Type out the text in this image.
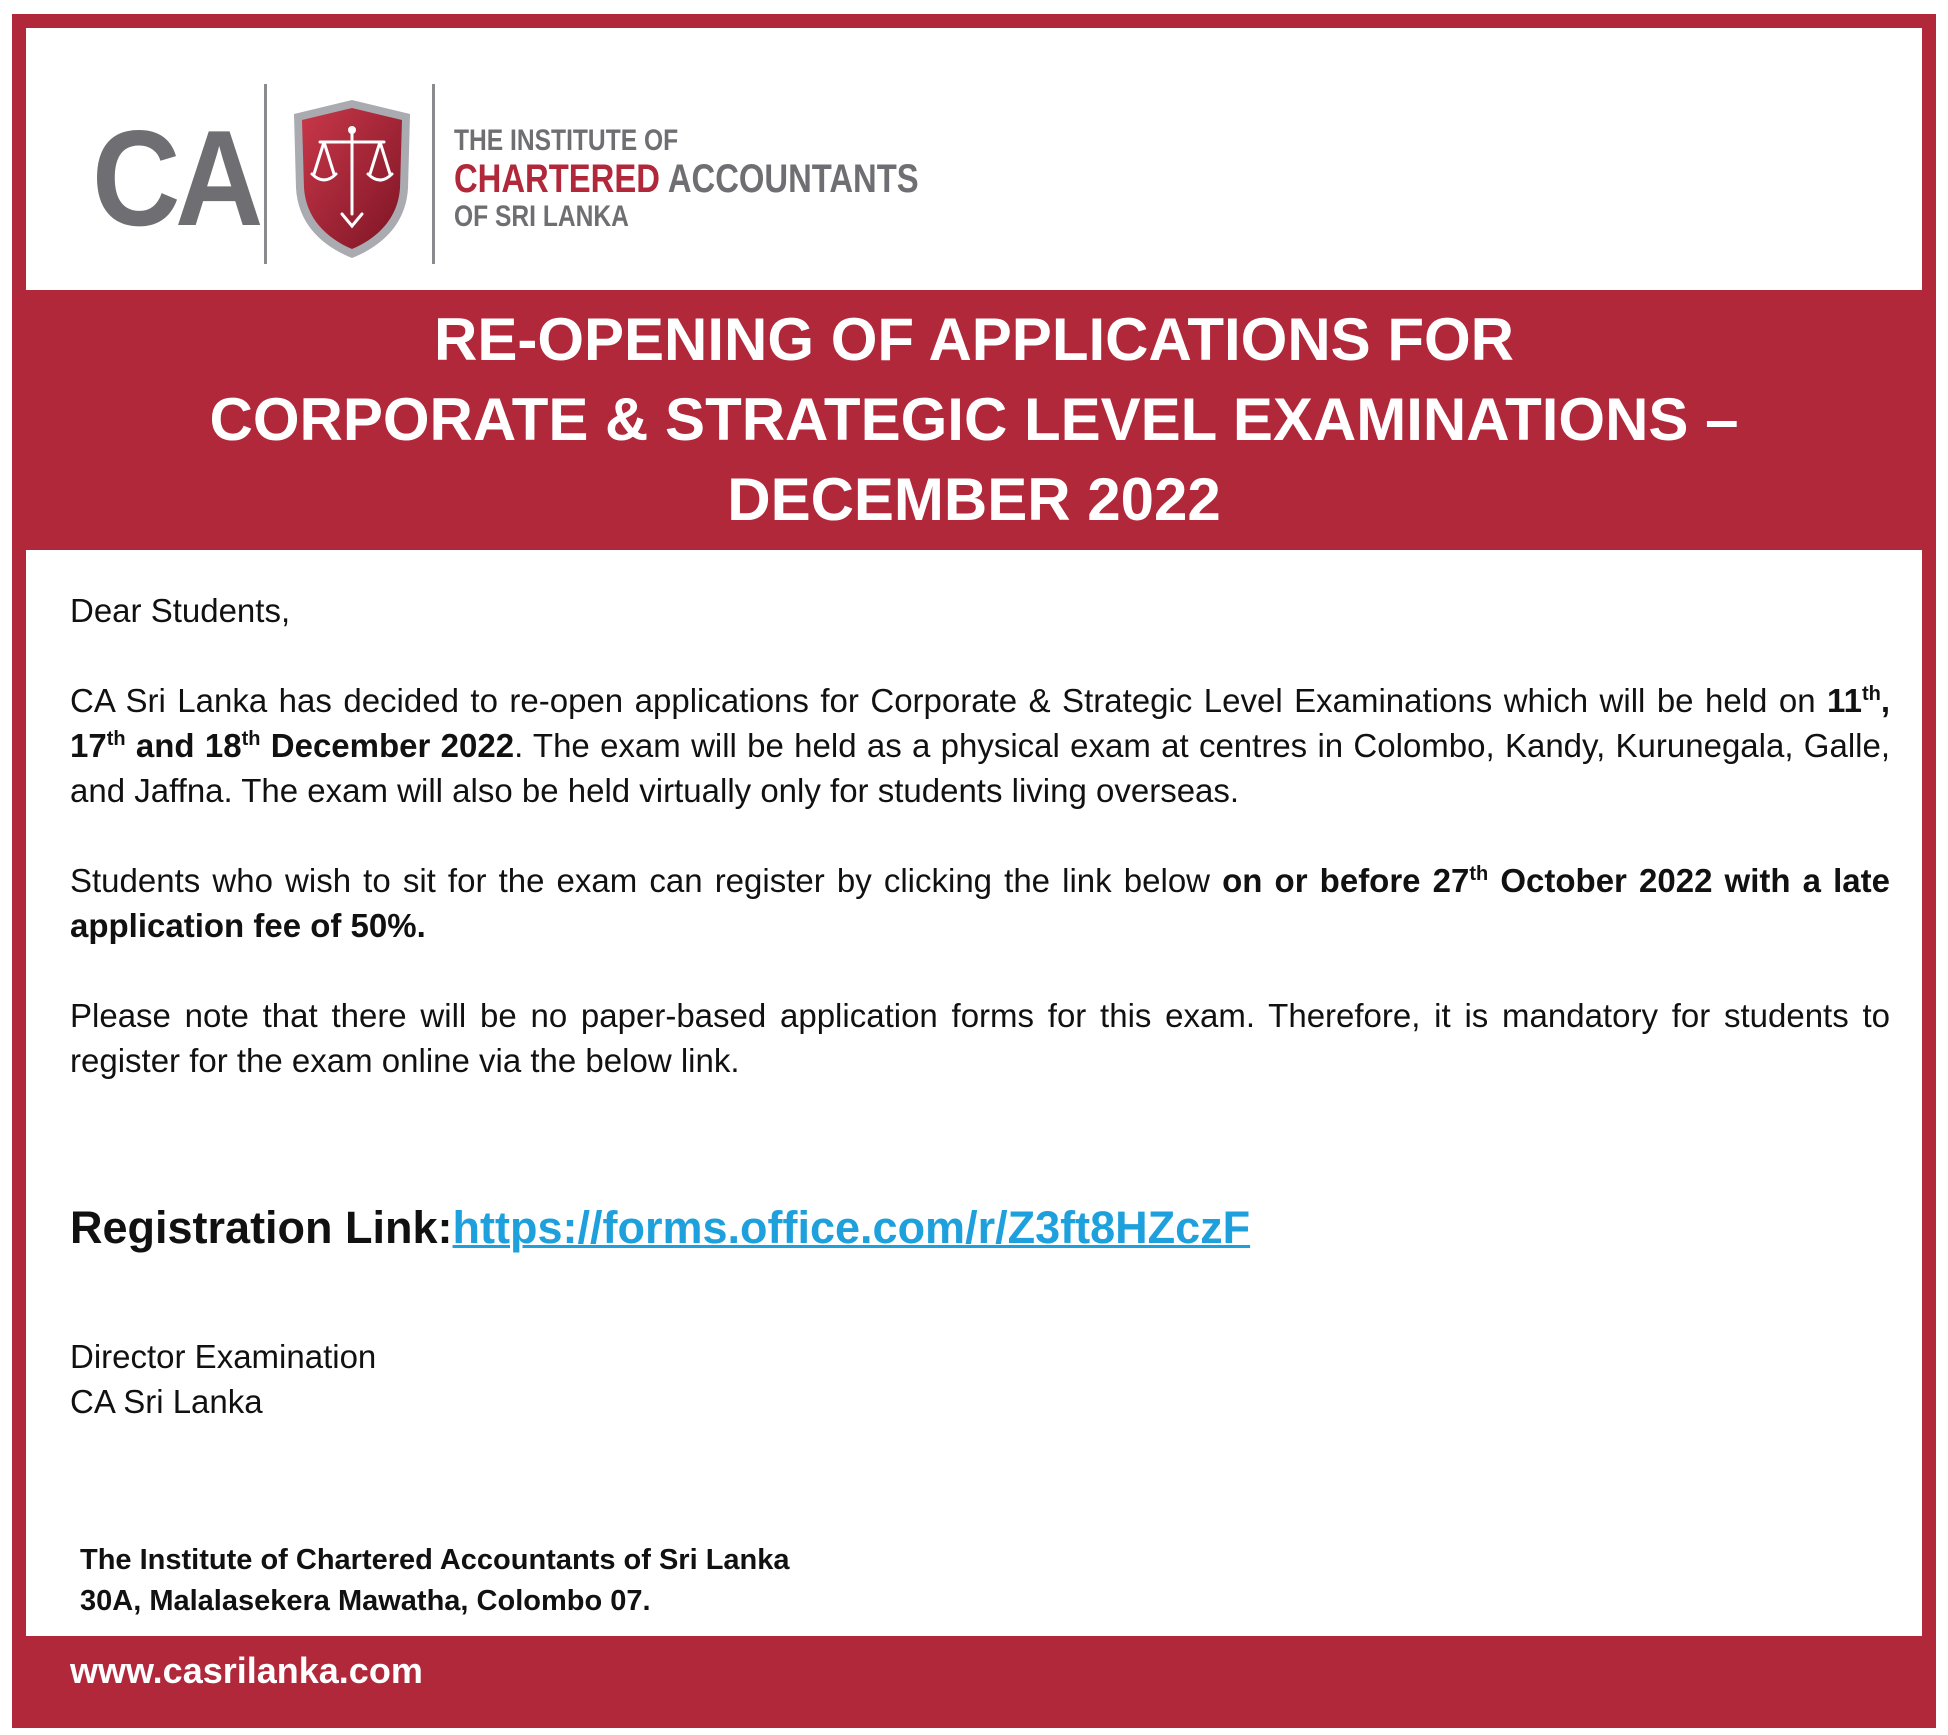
CA	THE INSTITUTE OF
CHARTERED ACCOUNTANTS
OF SRI LANKA
RE-OPENING OF APPLICATIONS FOR
CORPORATE & STRATEGIC LEVEL EXAMINATIONS –
DECEMBER 2022
Dear Students,
CA Sri Lanka has decided to re-open applications for Corporate & Strategic Level Examinations which will be held on 11th, 17th and 18th December 2022. The exam will be held as a physical exam at centres in Colombo, Kandy, Kurunegala, Galle, and Jaffna. The exam will also be held virtually only for students living overseas.
Students who wish to sit for the exam can register by clicking the link below on or before 27th October 2022 with a late application fee of 50%.
Please note that there will be no paper-based application forms for this exam. Therefore, it is mandatory for students to register for the exam online via the below link.
Registration Link:https://forms.office.com/r/Z3ft8HZczF
Director Examination
CA Sri Lanka
The Institute of Chartered Accountants of Sri Lanka
30A, Malalasekera Mawatha, Colombo 07.
www.casrilanka.com
